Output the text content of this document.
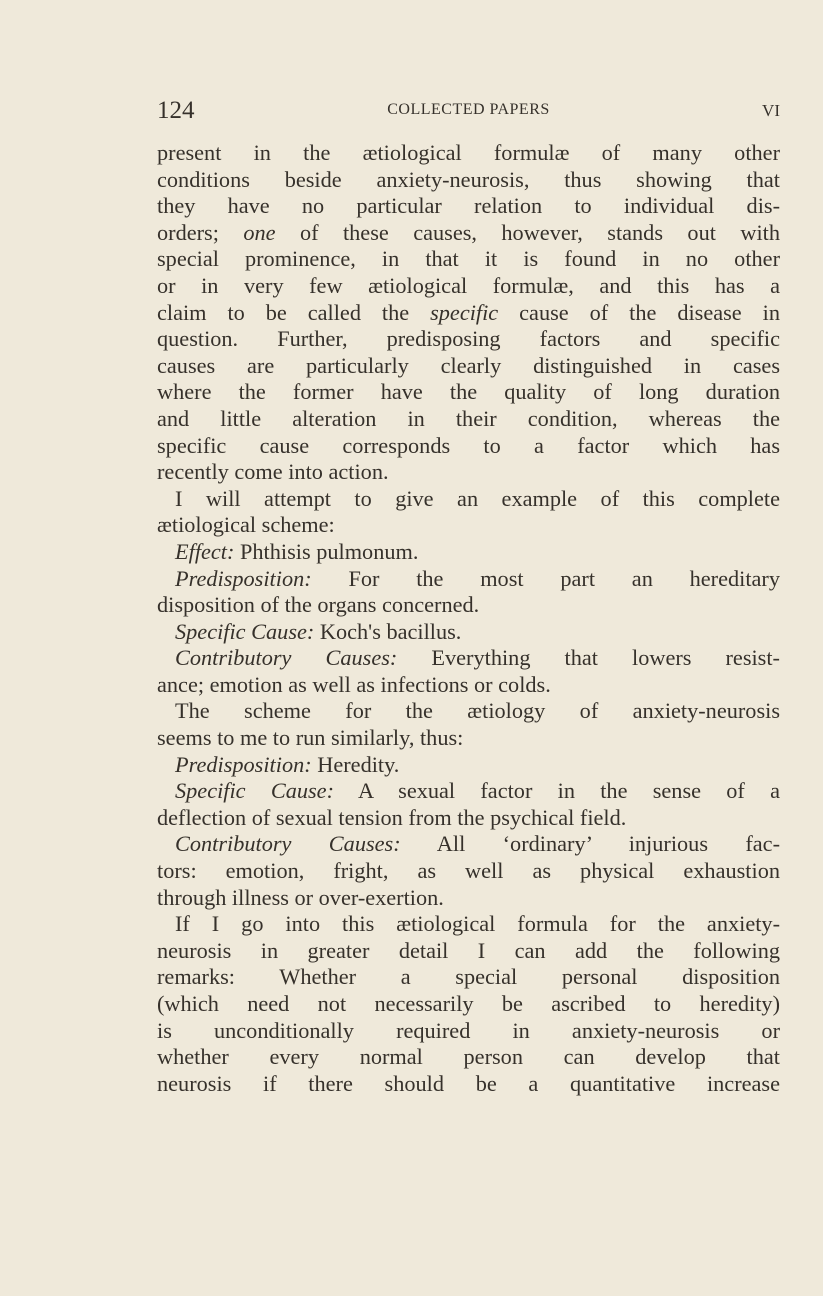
124	COLLECTED PAPERS	VI
present in the ætiological formulæ of many other
conditions beside anxiety-neurosis, thus showing that
they have no particular relation to individual dis-
orders; one of these causes, however, stands out with
special prominence, in that it is found in no other
or in very few ætiological formulæ, and this has a
claim to be called the specific cause of the disease in
question. Further, predisposing factors and specific
causes are particularly clearly distinguished in cases
where the former have the quality of long duration
and little alteration in their condition, whereas the
specific cause corresponds to a factor which has
recently come into action.
I will attempt to give an example of this complete
ætiological scheme:
Effect: Phthisis pulmonum.
Predisposition: For the most part an hereditary
disposition of the organs concerned.
Specific Cause: Koch's bacillus.
Contributory Causes: Everything that lowers resist-
ance; emotion as well as infections or colds.
The scheme for the ætiology of anxiety-neurosis
seems to me to run similarly, thus:
Predisposition: Heredity.
Specific Cause: A sexual factor in the sense of a
deflection of sexual tension from the psychical field.
Contributory Causes: All ‘ordinary’ injurious fac-
tors: emotion, fright, as well as physical exhaustion
through illness or over-exertion.
If I go into this ætiological formula for the anxiety-
neurosis in greater detail I can add the following
remarks: Whether a special personal disposition
(which need not necessarily be ascribed to heredity)
is unconditionally required in anxiety-neurosis or
whether every normal person can develop that
neurosis if there should be a quantitative increase
